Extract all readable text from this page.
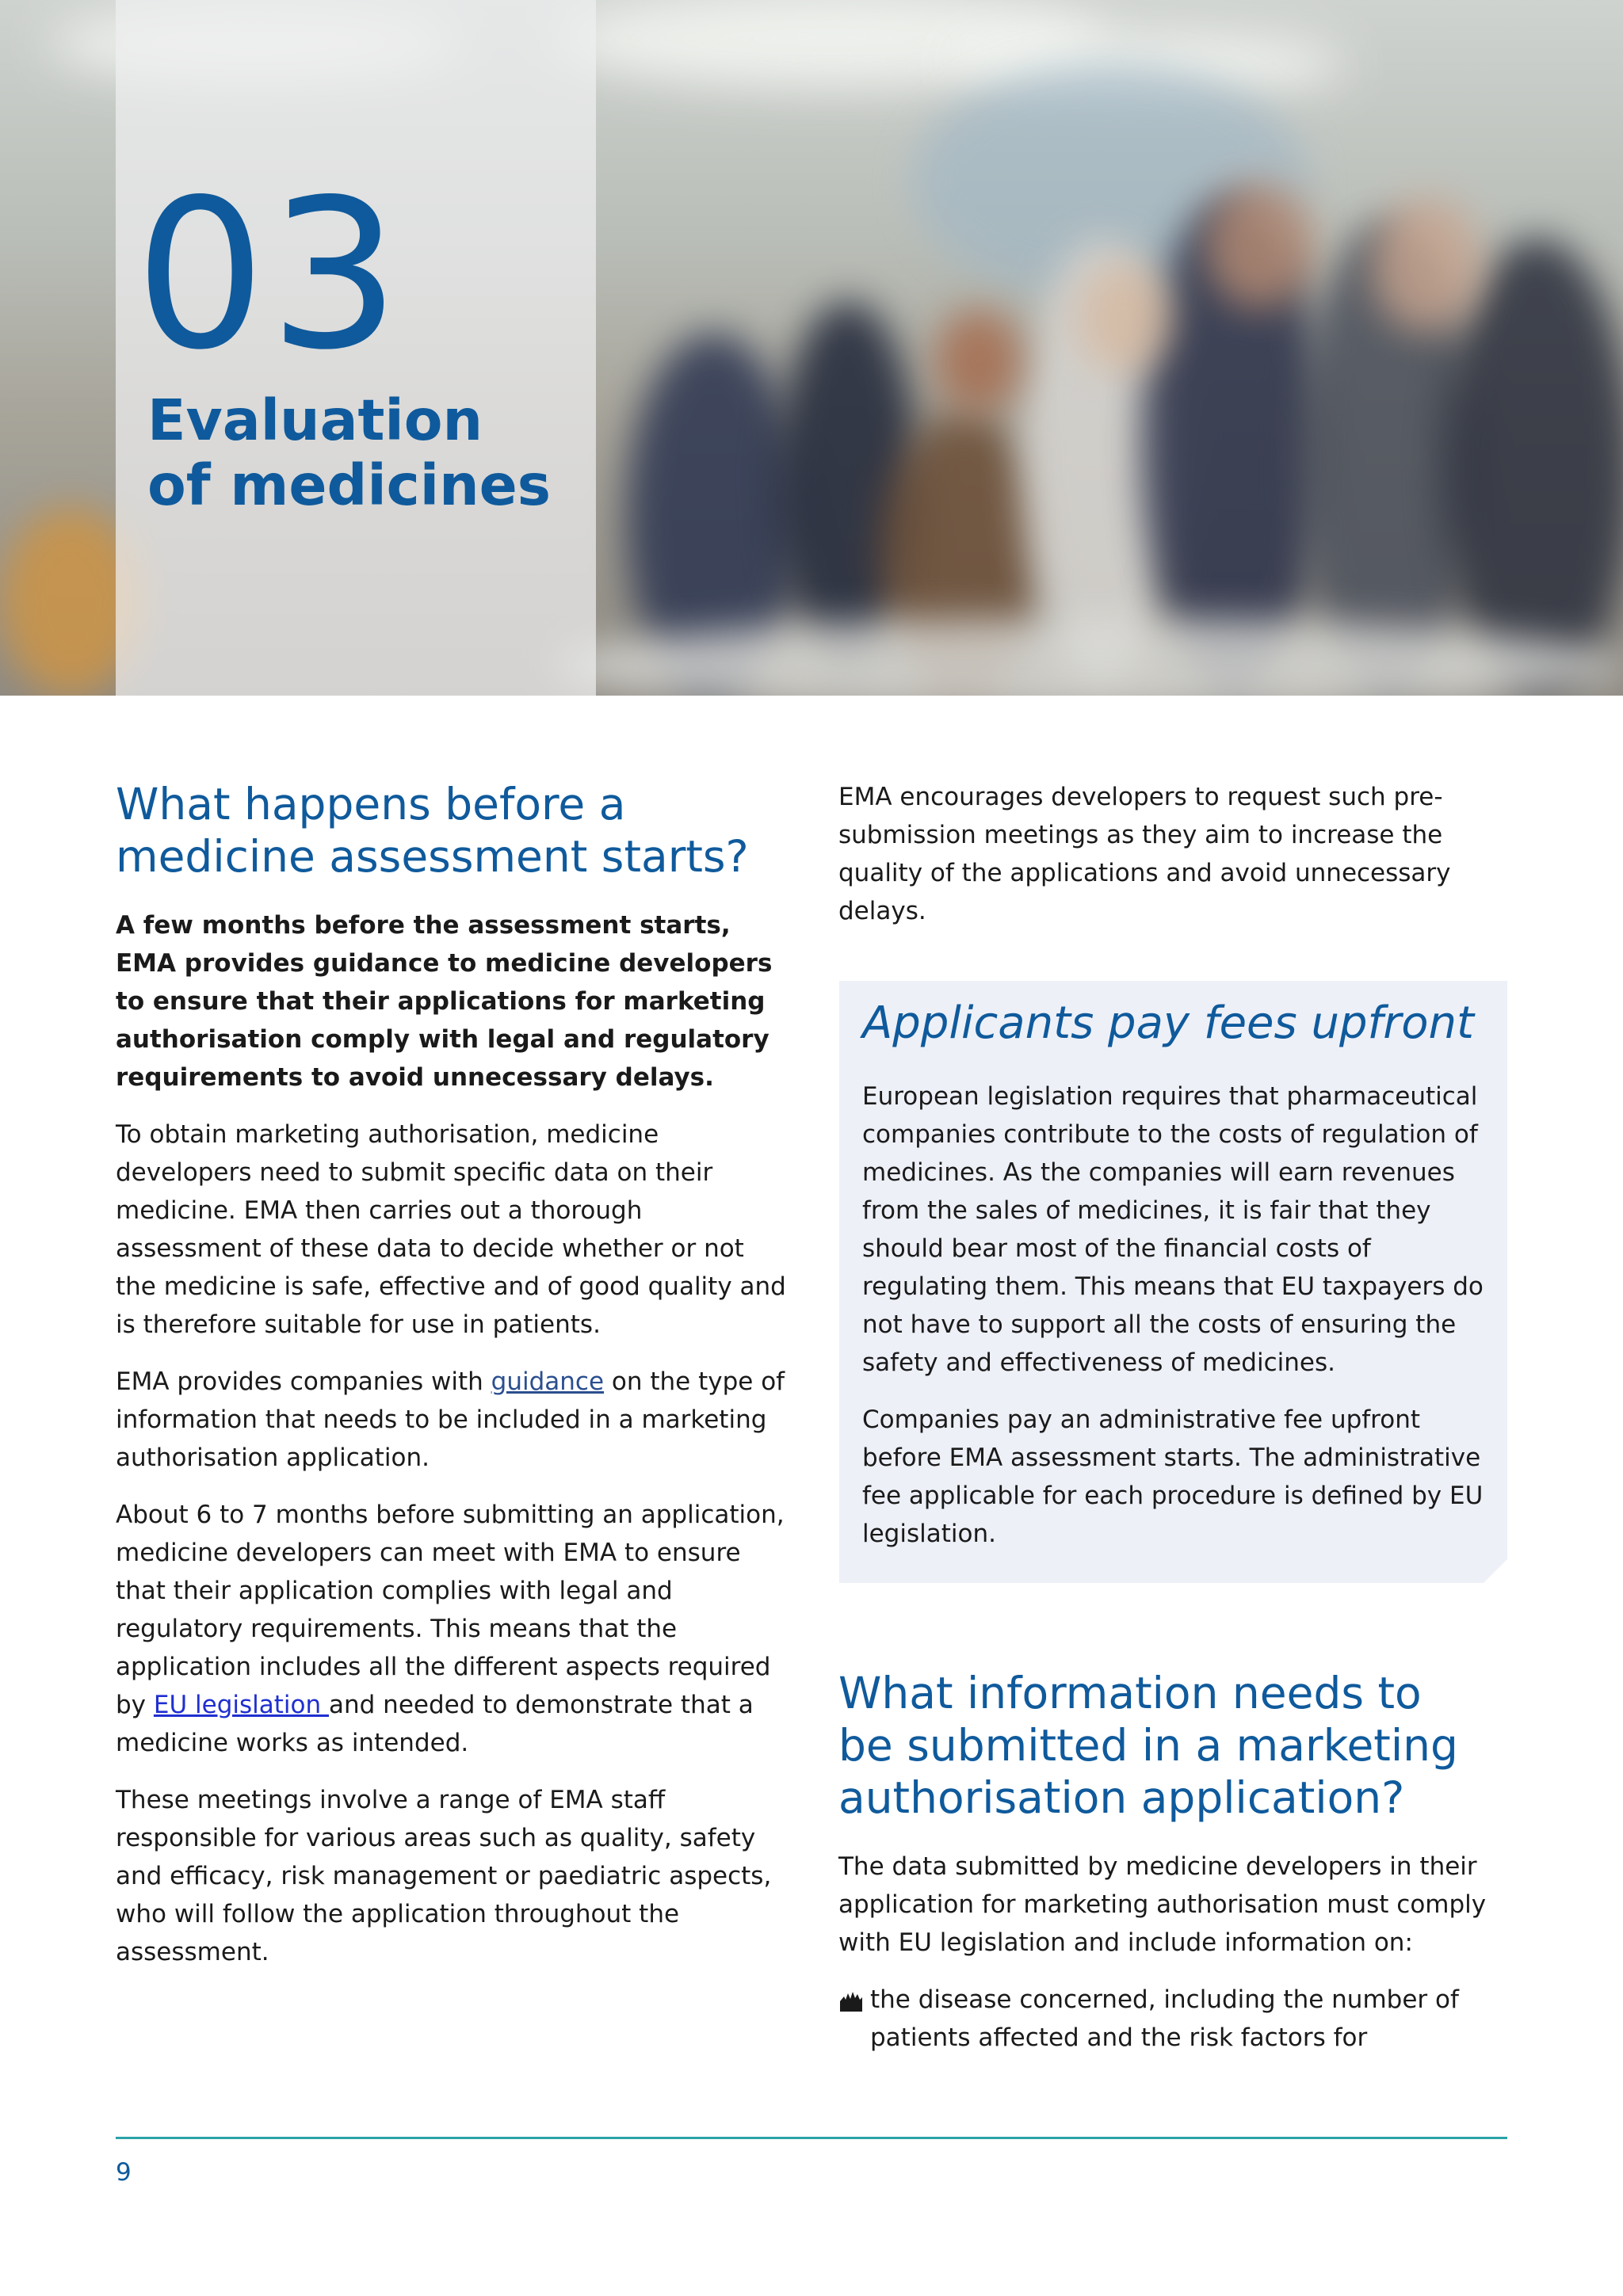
03
Evaluation
of medicines
What happens before a medicine assessment starts?

A few months before the assessment starts, EMA provides guidance to medicine developers to ensure that their applications for marketing authorisation comply with legal and regulatory requirements to avoid unnecessary delays.

To obtain marketing authorisation, medicine developers need to submit specific data on their medicine. EMA then carries out a thorough assessment of these data to decide whether or not the medicine is safe, effective and of good quality and is therefore suitable for use in patients.

EMA provides companies with guidance on the type of information that needs to be included in a marketing authorisation application.

About 6 to 7 months before submitting an application, medicine developers can meet with EMA to ensure that their application complies with legal and regulatory requirements. This means that the application includes all the different aspects required by EU legislation and needed to demonstrate that a medicine works as intended.

These meetings involve a range of EMA staff responsible for various areas such as quality, safety and efficacy, risk management or paediatric aspects, who will follow the application throughout the assessment.

EMA encourages developers to request such pre-submission meetings as they aim to increase the quality of the applications and avoid unnecessary delays.

Applicants pay fees upfront

European legislation requires that pharmaceutical companies contribute to the costs of regulation of medicines. As the companies will earn revenues from the sales of medicines, it is fair that they should bear most of the financial costs of regulating them. This means that EU taxpayers do not have to support all the costs of ensuring the safety and effectiveness of medicines.

Companies pay an administrative fee upfront before EMA assessment starts. The administrative fee applicable for each procedure is defined by EU legislation.

What information needs to be submitted in a marketing authorisation application?

The data submitted by medicine developers in their application for marketing authorisation must comply with EU legislation and include information on:

the disease concerned, including the number of patients affected and the risk factors for

9
